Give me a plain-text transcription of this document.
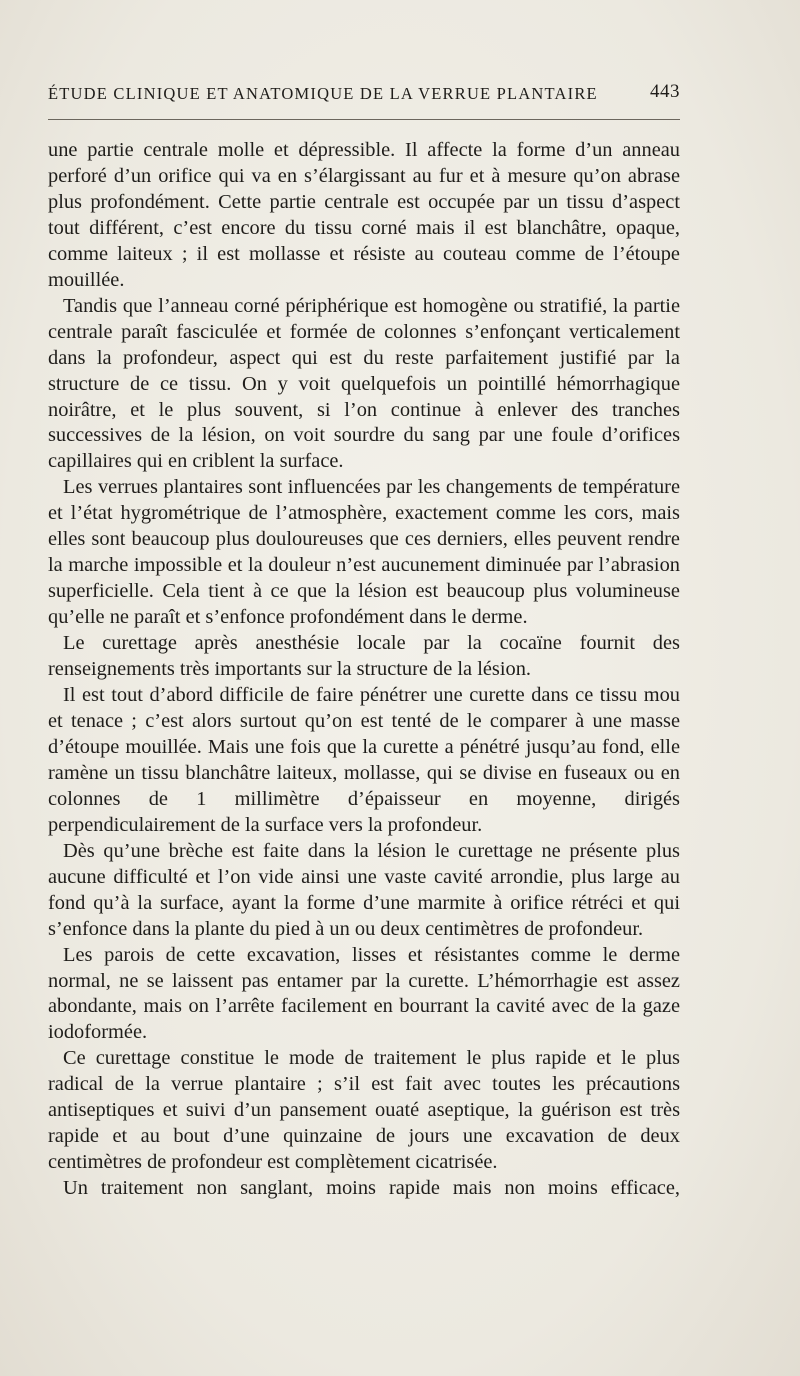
ÉTUDE CLINIQUE ET ANATOMIQUE DE LA VERRUE PLANTAIRE	443

une partie centrale molle et dépressible. Il affecte la forme d’un anneau perforé d’un orifice qui va en s’élargissant au fur et à mesure qu’on abrase plus profondément. Cette partie centrale est occupée par un tissu d’aspect tout différent, c’est encore du tissu corné mais il est blanchâtre, opaque, comme laiteux ; il est mollasse et résiste au couteau comme de l’étoupe mouillée.

Tandis que l’anneau corné périphérique est homogène ou stratifié, la partie centrale paraît fasciculée et formée de colonnes s’enfonçant verticalement dans la profondeur, aspect qui est du reste parfaitement justifié par la structure de ce tissu. On y voit quelquefois un pointillé hémorrhagique noirâtre, et le plus souvent, si l’on continue à enlever des tranches successives de la lésion, on voit sourdre du sang par une foule d’orifices capillaires qui en criblent la surface.

Les verrues plantaires sont influencées par les changements de température et l’état hygrométrique de l’atmosphère, exactement comme les cors, mais elles sont beaucoup plus douloureuses que ces derniers, elles peuvent rendre la marche impossible et la douleur n’est aucunement diminuée par l’abrasion superficielle. Cela tient à ce que la lésion est beaucoup plus volumineuse qu’elle ne paraît et s’enfonce profondément dans le derme.

Le curettage après anesthésie locale par la cocaïne fournit des renseignements très importants sur la structure de la lésion.

Il est tout d’abord difficile de faire pénétrer une curette dans ce tissu mou et tenace ; c’est alors surtout qu’on est tenté de le comparer à une masse d’étoupe mouillée. Mais une fois que la curette a pénétré jusqu’au fond, elle ramène un tissu blanchâtre laiteux, mollasse, qui se divise en fuseaux ou en colonnes de 1 millimètre d’épaisseur en moyenne, dirigés perpendiculairement de la surface vers la profondeur.

Dès qu’une brèche est faite dans la lésion le curettage ne présente plus aucune difficulté et l’on vide ainsi une vaste cavité arrondie, plus large au fond qu’à la surface, ayant la forme d’une marmite à orifice rétréci et qui s’enfonce dans la plante du pied à un ou deux centimètres de profondeur.

Les parois de cette excavation, lisses et résistantes comme le derme normal, ne se laissent pas entamer par la curette. L’hémorrhagie est assez abondante, mais on l’arrête facilement en bourrant la cavité avec de la gaze iodoformée.

Ce curettage constitue le mode de traitement le plus rapide et le plus radical de la verrue plantaire ; s’il est fait avec toutes les précautions antiseptiques et suivi d’un pansement ouaté aseptique, la guérison est très rapide et au bout d’une quinzaine de jours une excavation de deux centimètres de profondeur est complètement cicatrisée.

Un traitement non sanglant, moins rapide mais non moins efficace,
